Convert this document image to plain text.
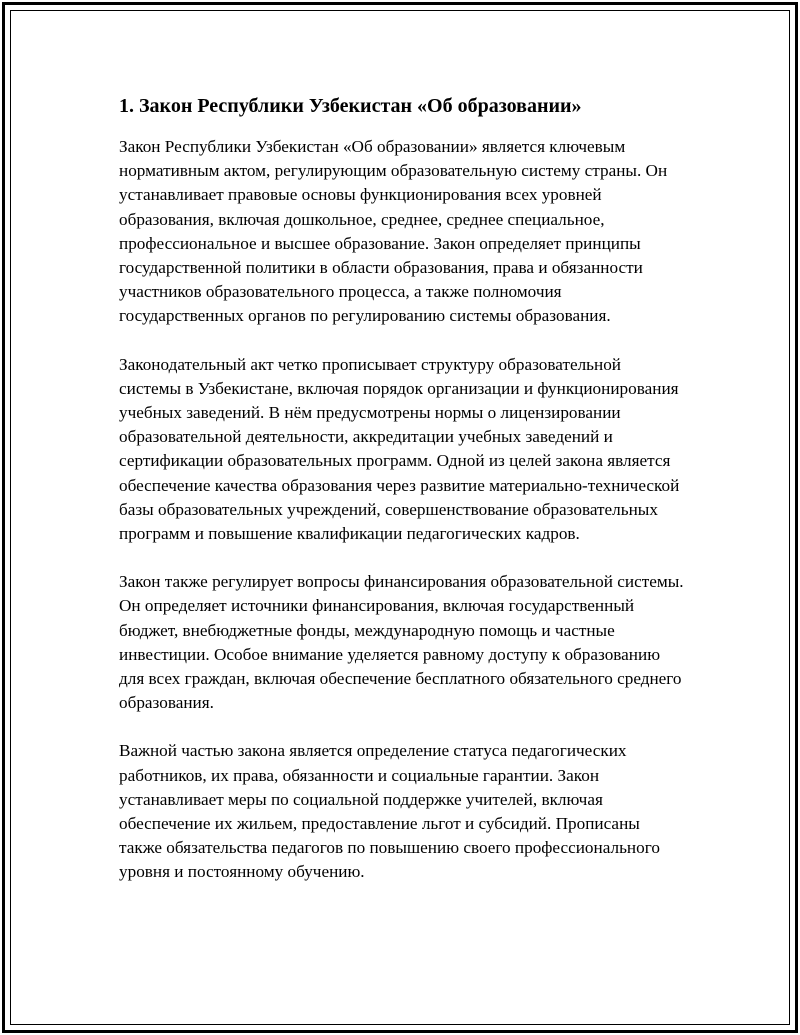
1. Закон Республики Узбекистан «Об образовании»

Закон Республики Узбекистан «Об образовании» является ключевым нормативным актом, регулирующим образовательную систему страны. Он устанавливает правовые основы функционирования всех уровней образования, включая дошкольное, среднее, среднее специальное, профессиональное и высшее образование. Закон определяет принципы государственной политики в области образования, права и обязанности участников образовательного процесса, а также полномочия государственных органов по регулированию системы образования.

Законодательный акт четко прописывает структуру образовательной системы в Узбекистане, включая порядок организации и функционирования учебных заведений. В нём предусмотрены нормы о лицензировании образовательной деятельности, аккредитации учебных заведений и сертификации образовательных программ. Одной из целей закона является обеспечение качества образования через развитие материально-технической базы образовательных учреждений, совершенствование образовательных программ и повышение квалификации педагогических кадров.

Закон также регулирует вопросы финансирования образовательной системы. Он определяет источники финансирования, включая государственный бюджет, внебюджетные фонды, международную помощь и частные инвестиции. Особое внимание уделяется равному доступу к образованию для всех граждан, включая обеспечение бесплатного обязательного среднего образования.

Важной частью закона является определение статуса педагогических работников, их права, обязанности и социальные гарантии. Закон устанавливает меры по социальной поддержке учителей, включая обеспечение их жильем, предоставление льгот и субсидий. Прописаны также обязательства педагогов по повышению своего профессионального уровня и постоянному обучению.
